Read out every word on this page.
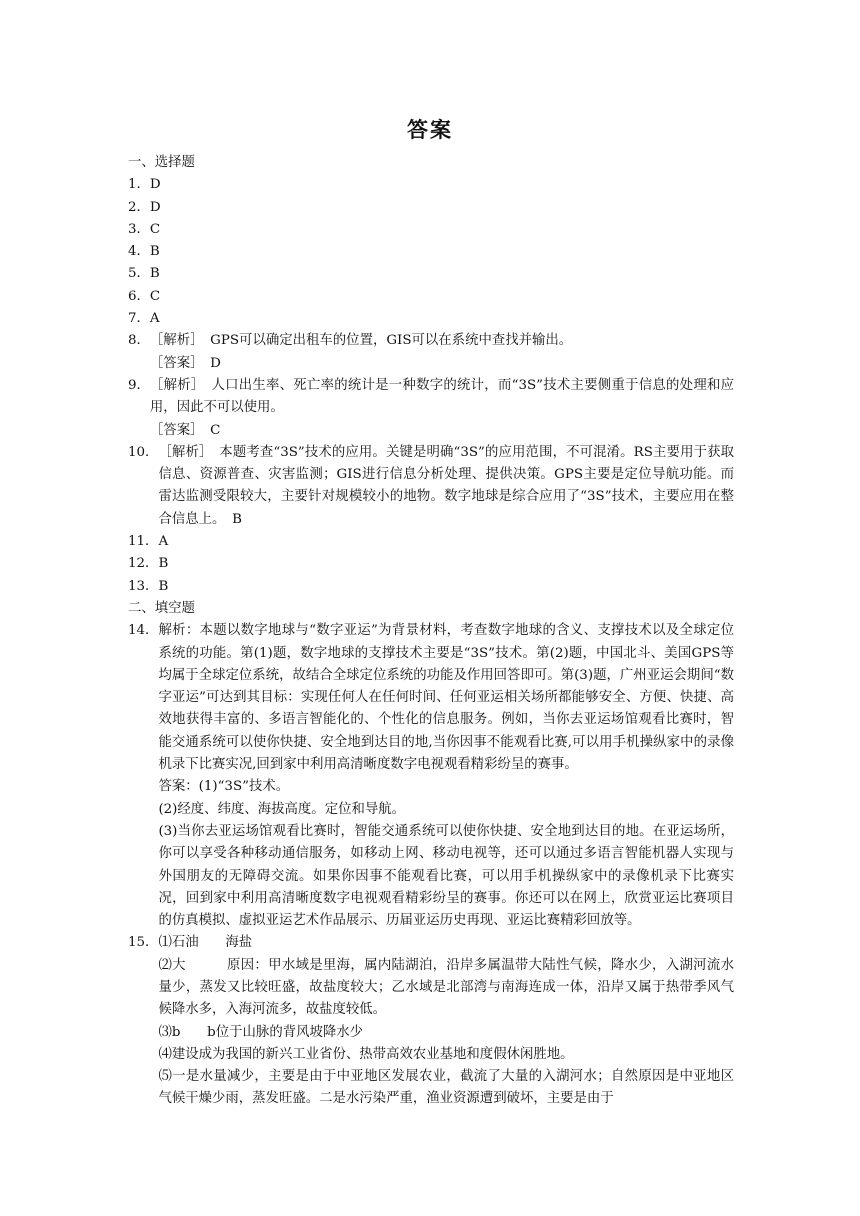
答案
一、选择题
1． D
2． D
3． C
4． B
5． B
6． C
7． A
8． ［解析］　GPS可以确定出租车的位置，GIS可以在系统中查找并输出。
［答案］　D
9． ［解析］　人口出生率、死亡率的统计是一种数字的统计，而“3S”技术主要侧重于信息的处理和应用，因此不可以使用。
［答案］　C
10． ［解析］　本题考查“3S”技术的应用。关键是明确“3S”的应用范围，不可混淆。RS主要用于获取信息、资源普查、灾害监测；GIS进行信息分析处理、提供决策。GPS主要是定位导航功能。而雷达监测受限较大，主要针对规模较小的地物。数字地球是综合应用了“3S”技术，主要应用在整合信息上。　B
11． A
12． B
13． B
二、填空题
14． 解析：本题以数字地球与“数字亚运”为背景材料，考查数字地球的含义、支撑技术以及全球定位系统的功能。第(1)题，数字地球的支撑技术主要是“3S”技术。第(2)题，中国北斗、美国GPS等均属于全球定位系统，故结合全球定位系统的功能及作用回答即可。第(3)题，广州亚运会期间“数字亚运”可达到其目标：实现任何人在任何时间、任何亚运相关场所都能够安全、方便、快捷、高效地获得丰富的、多语言智能化的、个性化的信息服务。例如，当你去亚运场馆观看比赛时，智能交通系统可以使你快捷、安全地到达目的地,当你因事不能观看比赛,可以用手机操纵家中的录像机录下比赛实况,回到家中利用高清晰度数字电视观看精彩纷呈的赛事。
答案：(1)“3S”技术。
(2)经度、纬度、海拔高度。定位和导航。
(3)当你去亚运场馆观看比赛时，智能交通系统可以使你快捷、安全地到达目的地。在亚运场所，你可以享受各种移动通信服务，如移动上网、移动电视等，还可以通过多语言智能机器人实现与外国朋友的无障碍交流。如果你因事不能观看比赛，可以用手机操纵家中的录像机录下比赛实况，回到家中利用高清晰度数字电视观看精彩纷呈的赛事。你还可以在网上，欣赏亚运比赛项目的仿真模拟、虚拟亚运艺术作品展示、历届亚运历史再现、亚运比赛精彩回放等。
15． ⑴石油　　海盐
⑵大　　　原因：甲水域是里海，属内陆湖泊，沿岸多属温带大陆性气候，降水少，入湖河流水量少，蒸发又比较旺盛，故盐度较大；乙水域是北部湾与南海连成一体，沿岸又属于热带季风气候降水多，入海河流多，故盐度较低。
⑶b　　b位于山脉的背风坡降水少
⑷建设成为我国的新兴工业省份、热带高效农业基地和度假休闲胜地。
⑸一是水量减少，主要是由于中亚地区发展农业，截流了大量的入湖河水；自然原因是中亚地区气候干燥少雨，蒸发旺盛。二是水污染严重，渔业资源遭到破坏，主要是由于
